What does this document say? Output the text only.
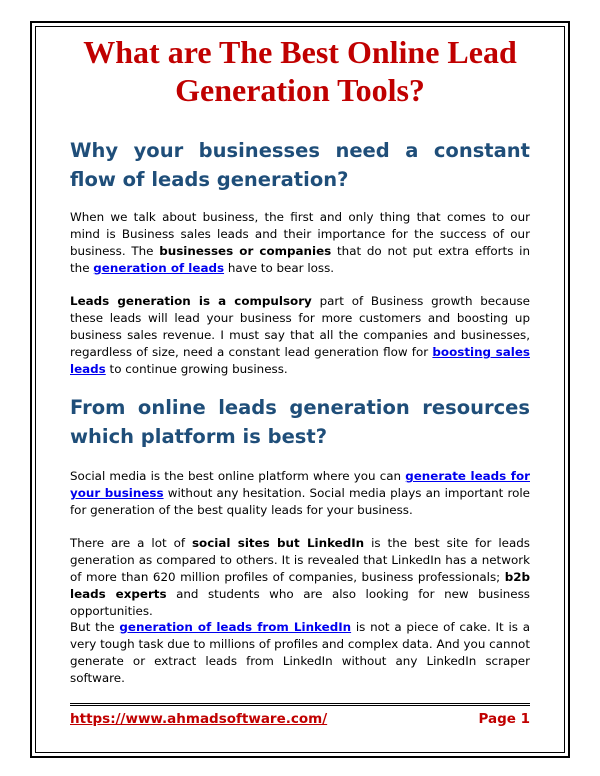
What are The Best Online Lead Generation Tools?
Why your businesses need a constant flow of leads generation?

When we talk about business, the first and only thing that comes to our mind is Business sales leads and their importance for the success of our business. The businesses or companies that do not put extra efforts in the generation of leads have to bear loss.

Leads generation is a compulsory part of Business growth because these leads will lead your business for more customers and boosting up business sales revenue. I must say that all the companies and businesses, regardless of size, need a constant lead generation flow for boosting sales leads to continue growing business.

From online leads generation resources which platform is best?

Social media is the best online platform where you can generate leads for your business without any hesitation. Social media plays an important role for generation of the best quality leads for your business.

There are a lot of social sites but LinkedIn is the best site for leads generation as compared to others. It is revealed that LinkedIn has a network of more than 620 million profiles of companies, business professionals; b2b leads experts and students who are also looking for new business opportunities.

But the generation of leads from LinkedIn is not a piece of cake. It is a very tough task due to millions of profiles and complex data. And you cannot generate or extract leads from LinkedIn without any LinkedIn scraper software.

https://www.ahmadsoftware.com/	Page 1
